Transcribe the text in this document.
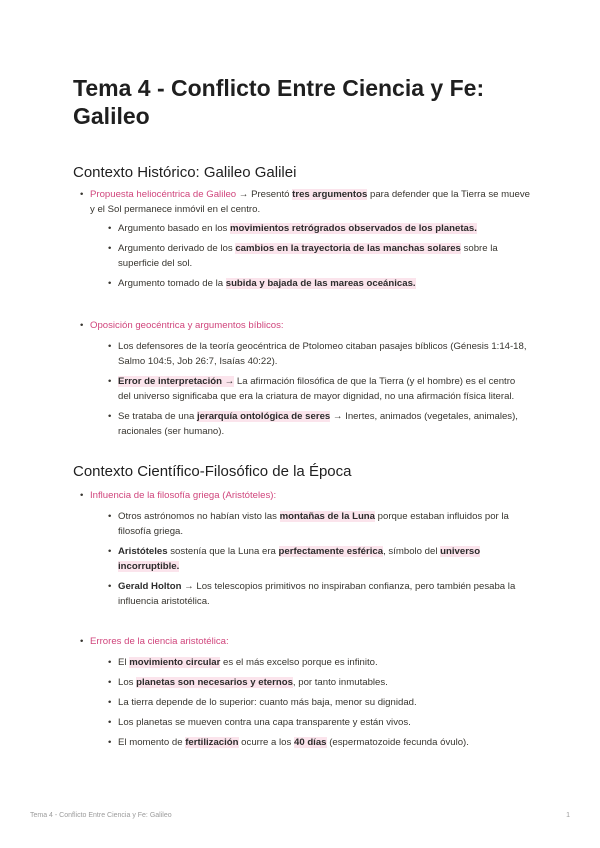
Tema 4 - Conflicto Entre Ciencia y Fe: Galileo
Contexto Histórico: Galileo Galilei
• Propuesta heliocéntrica de Galileo → Presentó tres argumentos para defender que la Tierra se mueve y el Sol permanece inmóvil en el centro.
• Argumento basado en los movimientos retrógrados observados de los planetas.
• Argumento derivado de los cambios en la trayectoria de las manchas solares sobre la superficie del sol.
• Argumento tomado de la subida y bajada de las mareas oceánicas.
• Oposición geocéntrica y argumentos bíblicos:
• Los defensores de la teoría geocéntrica de Ptolomeo citaban pasajes bíblicos (Génesis 1:14-18, Salmo 104:5, Job 26:7, Isaías 40:22).
• Error de interpretación → La afirmación filosófica de que la Tierra (y el hombre) es el centro del universo significaba que era la criatura de mayor dignidad, no una afirmación física literal.
• Se trataba de una jerarquía ontológica de seres → Inertes, animados (vegetales, animales), racionales (ser humano).
Contexto Científico-Filosófico de la Época
• Influencia de la filosofía griega (Aristóteles):
• Otros astrónomos no habían visto las montañas de la Luna porque estaban influidos por la filosofía griega.
• Aristóteles sostenía que la Luna era perfectamente esférica, símbolo del universo incorruptible.
• Gerald Holton → Los telescopios primitivos no inspiraban confianza, pero también pesaba la influencia aristotélica.
• Errores de la ciencia aristotélica:
• El movimiento circular es el más excelso porque es infinito.
• Los planetas son necesarios y eternos, por tanto inmutables.
• La tierra depende de lo superior: cuanto más baja, menor su dignidad.
• Los planetas se mueven contra una capa transparente y están vivos.
• El momento de fertilización ocurre a los 40 días (espermatozoide fecunda óvulo).
Tema 4 - Conflicto Entre Ciencia y Fe: Galileo	1
